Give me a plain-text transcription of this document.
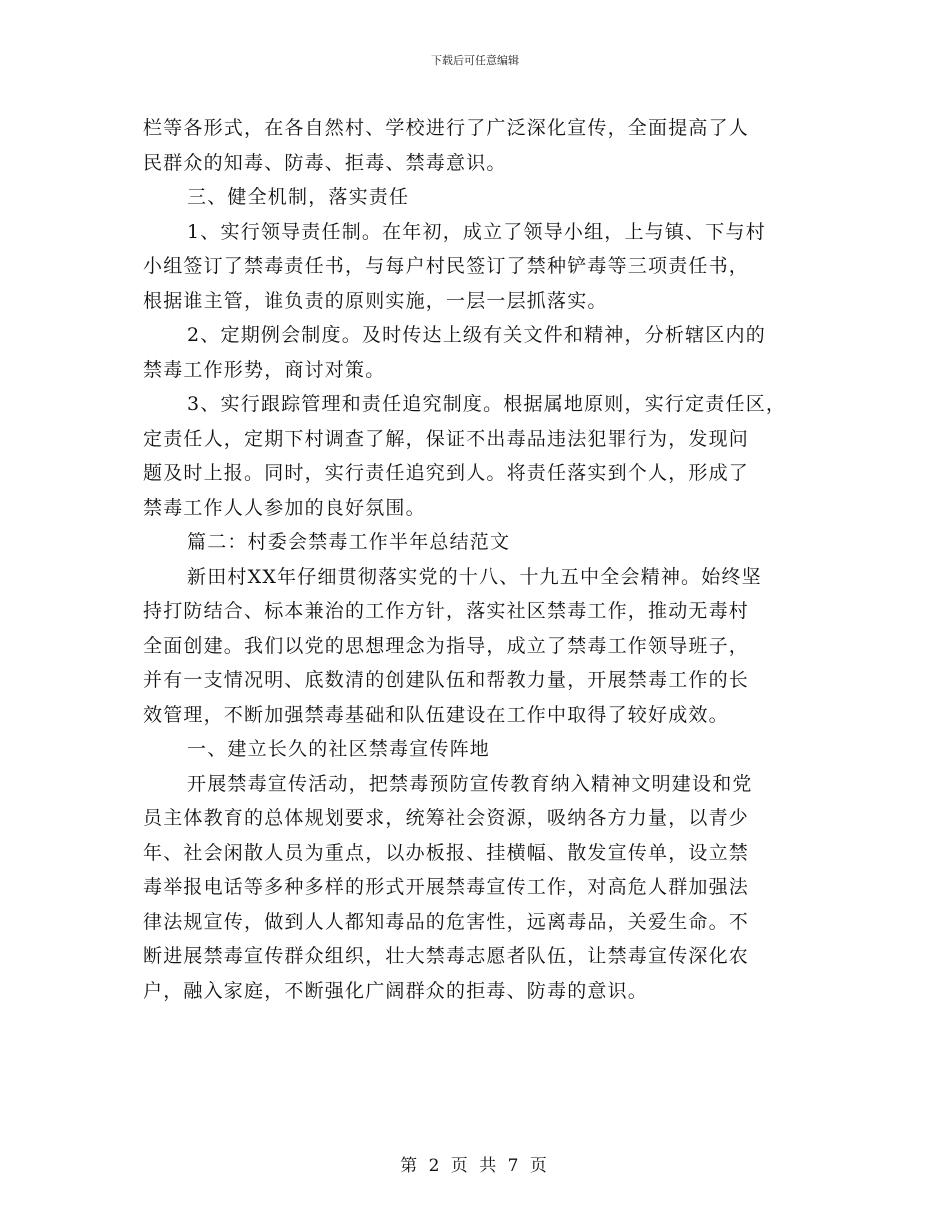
下载后可任意编辑
栏等各形式，在各自然村、学校进行了广泛深化宣传，全面提高了人
民群众的知毒、防毒、拒毒、禁毒意识。
三、健全机制，落实责任
1、实行领导责任制。在年初，成立了领导小组，上与镇、下与村
小组签订了禁毒责任书，与每户村民签订了禁种铲毒等三项责任书，
根据谁主管，谁负责的原则实施，一层一层抓落实。
2、定期例会制度。及时传达上级有关文件和精神，分析辖区内的
禁毒工作形势，商讨对策。
3、实行跟踪管理和责任追究制度。根据属地原则，实行定责任区，
定责任人，定期下村调查了解，保证不出毒品违法犯罪行为，发现问
题及时上报。同时，实行责任追究到人。将责任落实到个人，形成了
禁毒工作人人参加的良好氛围。
篇二：村委会禁毒工作半年总结范文
新田村XX年仔细贯彻落实党的十八、十九五中全会精神。始终坚
持打防结合、标本兼治的工作方针，落实社区禁毒工作，推动无毒村
全面创建。我们以党的思想理念为指导，成立了禁毒工作领导班子，
并有一支情况明、底数清的创建队伍和帮教力量，开展禁毒工作的长
效管理，不断加强禁毒基础和队伍建设在工作中取得了较好成效。
一、建立长久的社区禁毒宣传阵地
开展禁毒宣传活动，把禁毒预防宣传教育纳入精神文明建设和党
员主体教育的总体规划要求，统筹社会资源，吸纳各方力量，以青少
年、社会闲散人员为重点，以办板报、挂横幅、散发宣传单，设立禁
毒举报电话等多种多样的形式开展禁毒宣传工作，对高危人群加强法
律法规宣传，做到人人都知毒品的危害性，远离毒品，关爱生命。不
断进展禁毒宣传群众组织，壮大禁毒志愿者队伍，让禁毒宣传深化农
户，融入家庭，不断强化广阔群众的拒毒、防毒的意识。
第 2 页 共 7 页
